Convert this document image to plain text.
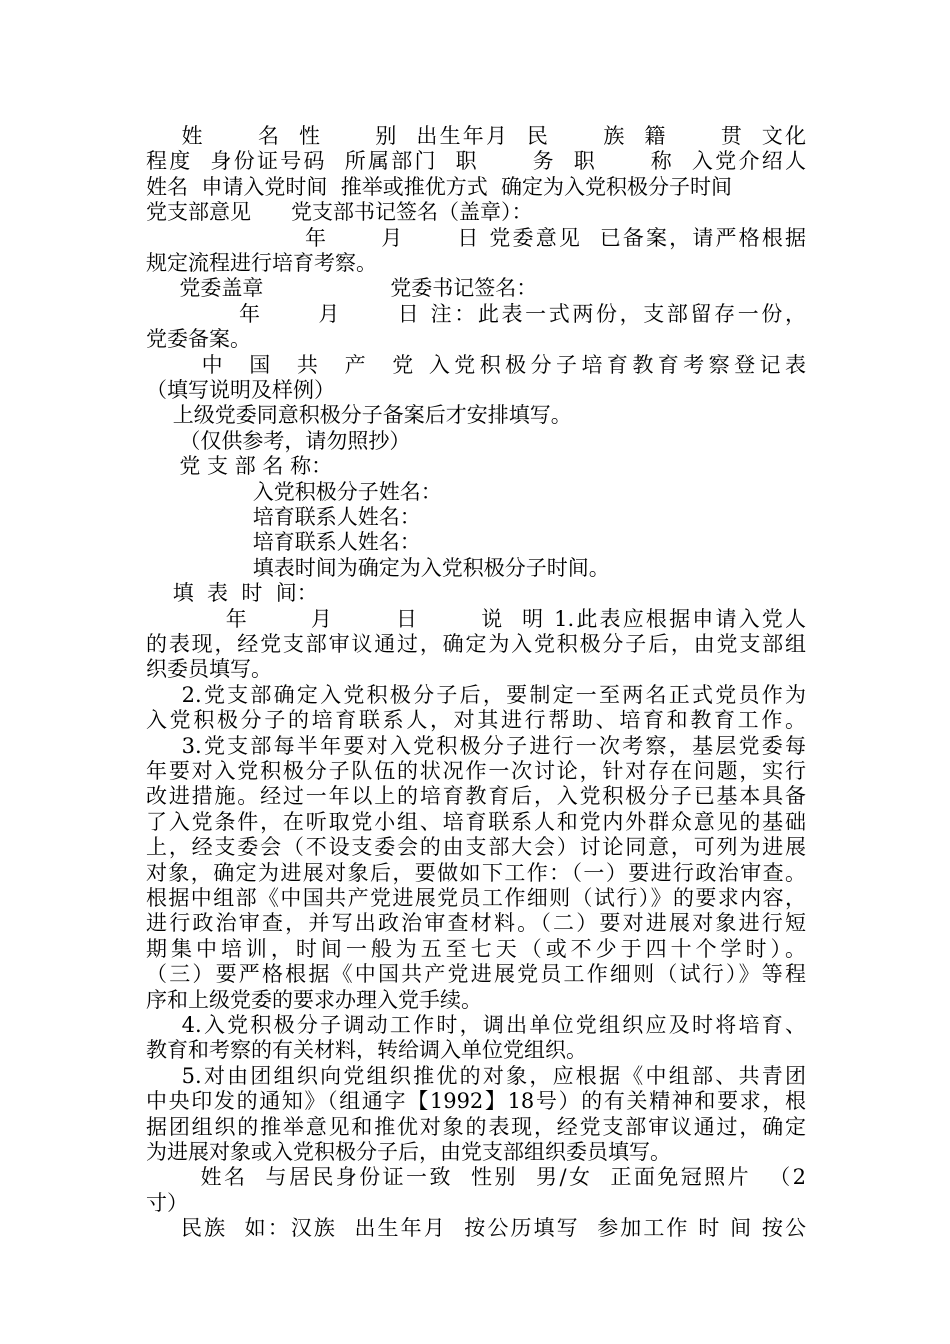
姓      名  性      别  出生年月  民      族  籍      贯  文化
程度  身份证号码  所属部门  职      务  职      称  入党介绍人
姓名  申请入党时间  推举或推优方式  确定为入党积极分子时间
党支部意见      党支部书记签名（盖章）：
年      月      日 党委意见  已备案，请严格根据
规定流程进行培育考察。
党委盖章                   党委书记签名：
年      月      日 注：此表一式两份，支部留存一份，
党委备案。
中  国  共  产  党 入党积极分子培育教育考察登记表
（填写说明及样例）
上级党委同意积极分子备案后才安排填写。
（仅供参考，请勿照抄）
党 支 部 名 称：
入党积极分子姓名：
培育联系人姓名：
培育联系人姓名：
填表时间为确定为入党积极分子时间。
填  表  时  间：
年       月       日       说  明 1.此表应根据申请入党人
的表现，经党支部审议通过，确定为入党积极分子后，由党支部组
织委员填写。
2.党支部确定入党积极分子后，要制定一至两名正式党员作为
入党积极分子的培育联系人，对其进行帮助、培育和教育工作。
3.党支部每半年要对入党积极分子进行一次考察，基层党委每
年要对入党积极分子队伍的状况作一次讨论，针对存在问题，实行
改进措施。经过一年以上的培育教育后，入党积极分子已基本具备
了入党条件，在听取党小组、培育联系人和党内外群众意见的基础
上，经支委会（不设支委会的由支部大会）讨论同意，可列为进展
对象，确定为进展对象后，要做如下工作：（一）要进行政治审查。
根据中组部《中国共产党进展党员工作细则（试行）》的要求内容，
进行政治审查，并写出政治审查材料。（二）要对进展对象进行短
期集中培训，时间一般为五至七天（或不少于四十个学时）。
（三）要严格根据《中国共产党进展党员工作细则（试行）》等程
序和上级党委的要求办理入党手续。
4.入党积极分子调动工作时，调出单位党组织应及时将培育、
教育和考察的有关材料，转给调入单位党组织。
5.对由团组织向党组织推优的对象，应根据《中组部、共青团
中央印发的通知》（组通字【1992】18号）的有关精神和要求，根
据团组织的推举意见和推优对象的表现，经党支部审议通过，确定
为进展对象或入党积极分子后，由党支部组织委员填写。
姓名  与居民身份证一致  性别  男/女  正面免冠照片  （2
寸）
民族  如：汉族  出生年月  按公历填写  参加工作 时 间 按公
